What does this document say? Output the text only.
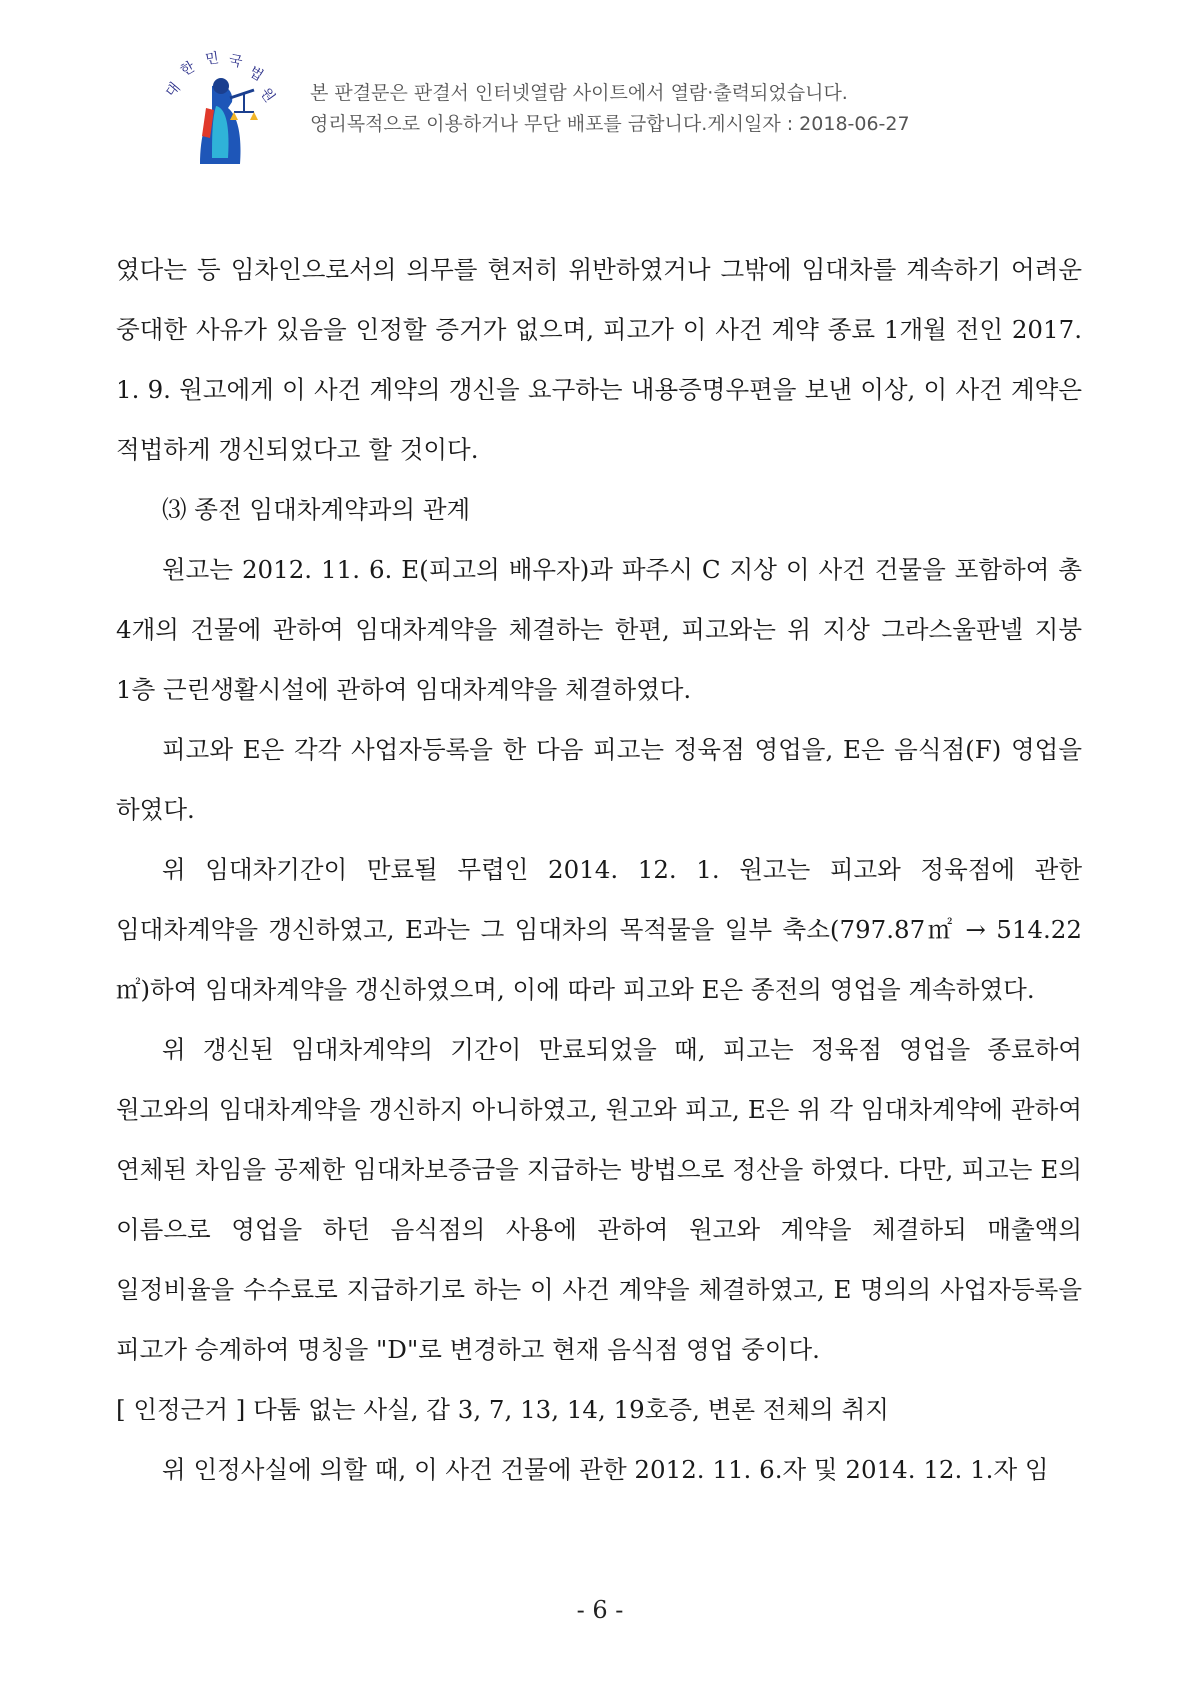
대
한 민 국
법
원 본 판결문은 판결서 인터넷열람 사이트에서 열람·출력되었습니다.
영리목적으로 이용하거나 무단 배포를 금합니다.게시일자 : 2018-06-27

였다는 등 임차인으로서의 의무를 현저히 위반하였거나 그밖에 임대차를 계속하기 어려운 중대한 사유가 있음을 인정할 증거가 없으며, 피고가 이 사건 계약 종료 1개월 전인 2017. 1. 9. 원고에게 이 사건 계약의 갱신을 요구하는 내용증명우편을 보낸 이상, 이 사건 계약은 적법하게 갱신되었다고 할 것이다.

⑶ 종전 임대차계약과의 관계

원고는 2012. 11. 6. E(피고의 배우자)과 파주시 C 지상 이 사건 건물을 포함하여 총 4개의 건물에 관하여 임대차계약을 체결하는 한편, 피고와는 위 지상 그라스울판넬 지붕 1층 근린생활시설에 관하여 임대차계약을 체결하였다.

피고와 E은 각각 사업자등록을 한 다음 피고는 정육점 영업을, E은 음식점(F) 영업을 하였다.

위 임대차기간이 만료될 무렵인 2014. 12. 1. 원고는 피고와 정육점에 관한 임대차계약을 갱신하였고, E과는 그 임대차의 목적물을 일부 축소(797.87㎡ → 514.22㎡)하여 임대차계약을 갱신하였으며, 이에 따라 피고와 E은 종전의 영업을 계속하였다.

위 갱신된 임대차계약의 기간이 만료되었을 때, 피고는 정육점 영업을 종료하여 원고와의 임대차계약을 갱신하지 아니하였고, 원고와 피고, E은 위 각 임대차계약에 관하여 연체된 차임을 공제한 임대차보증금을 지급하는 방법으로 정산을 하였다. 다만, 피고는 E의 이름으로 영업을 하던 음식점의 사용에 관하여 원고와 계약을 체결하되 매출액의 일정비율을 수수료로 지급하기로 하는 이 사건 계약을 체결하였고, E 명의의 사업자등록을 피고가 승계하여 명칭을 "D"로 변경하고 현재 음식점 영업 중이다.

[ 인정근거 ] 다툼 없는 사실, 갑 3, 7, 13, 14, 19호증, 변론 전체의 취지

위 인정사실에 의할 때, 이 사건 건물에 관한 2012. 11. 6.자 및 2014. 12. 1.자 임

- 6 -
